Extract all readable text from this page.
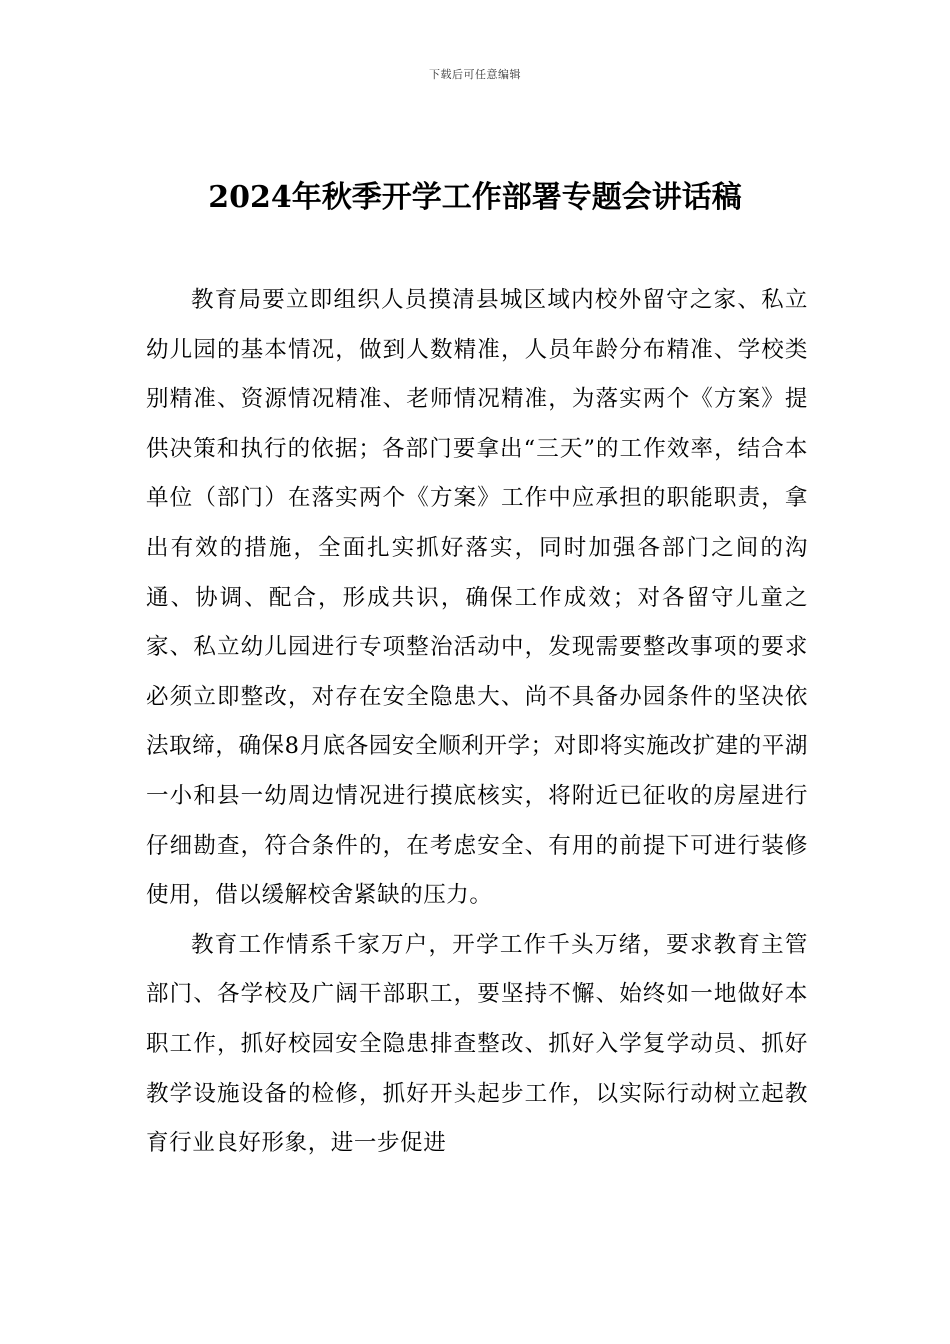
下载后可任意编辑
2024年秋季开学工作部署专题会讲话稿

教育局要立即组织人员摸清县城区域内校外留守之家、私立幼儿园的基本情况，做到人数精准，人员年龄分布精准、学校类别精准、资源情况精准、老师情况精准，为落实两个《方案》提供决策和执行的依据；各部门要拿出“三天”的工作效率，结合本单位（部门）在落实两个《方案》工作中应承担的职能职责，拿出有效的措施，全面扎实抓好落实，同时加强各部门之间的沟通、协调、配合，形成共识，确保工作成效；对各留守儿童之家、私立幼儿园进行专项整治活动中，发现需要整改事项的要求必须立即整改，对存在安全隐患大、尚不具备办园条件的坚决依法取缔，确保8月底各园安全顺利开学；对即将实施改扩建的平湖一小和县一幼周边情况进行摸底核实，将附近已征收的房屋进行仔细勘查，符合条件的，在考虑安全、有用的前提下可进行装修使用，借以缓解校舍紧缺的压力。

教育工作情系千家万户，开学工作千头万绪，要求教育主管部门、各学校及广阔干部职工，要坚持不懈、始终如一地做好本职工作，抓好校园安全隐患排查整改、抓好入学复学动员、抓好教学设施设备的检修，抓好开头起步工作，以实际行动树立起教育行业良好形象，进一步促进
